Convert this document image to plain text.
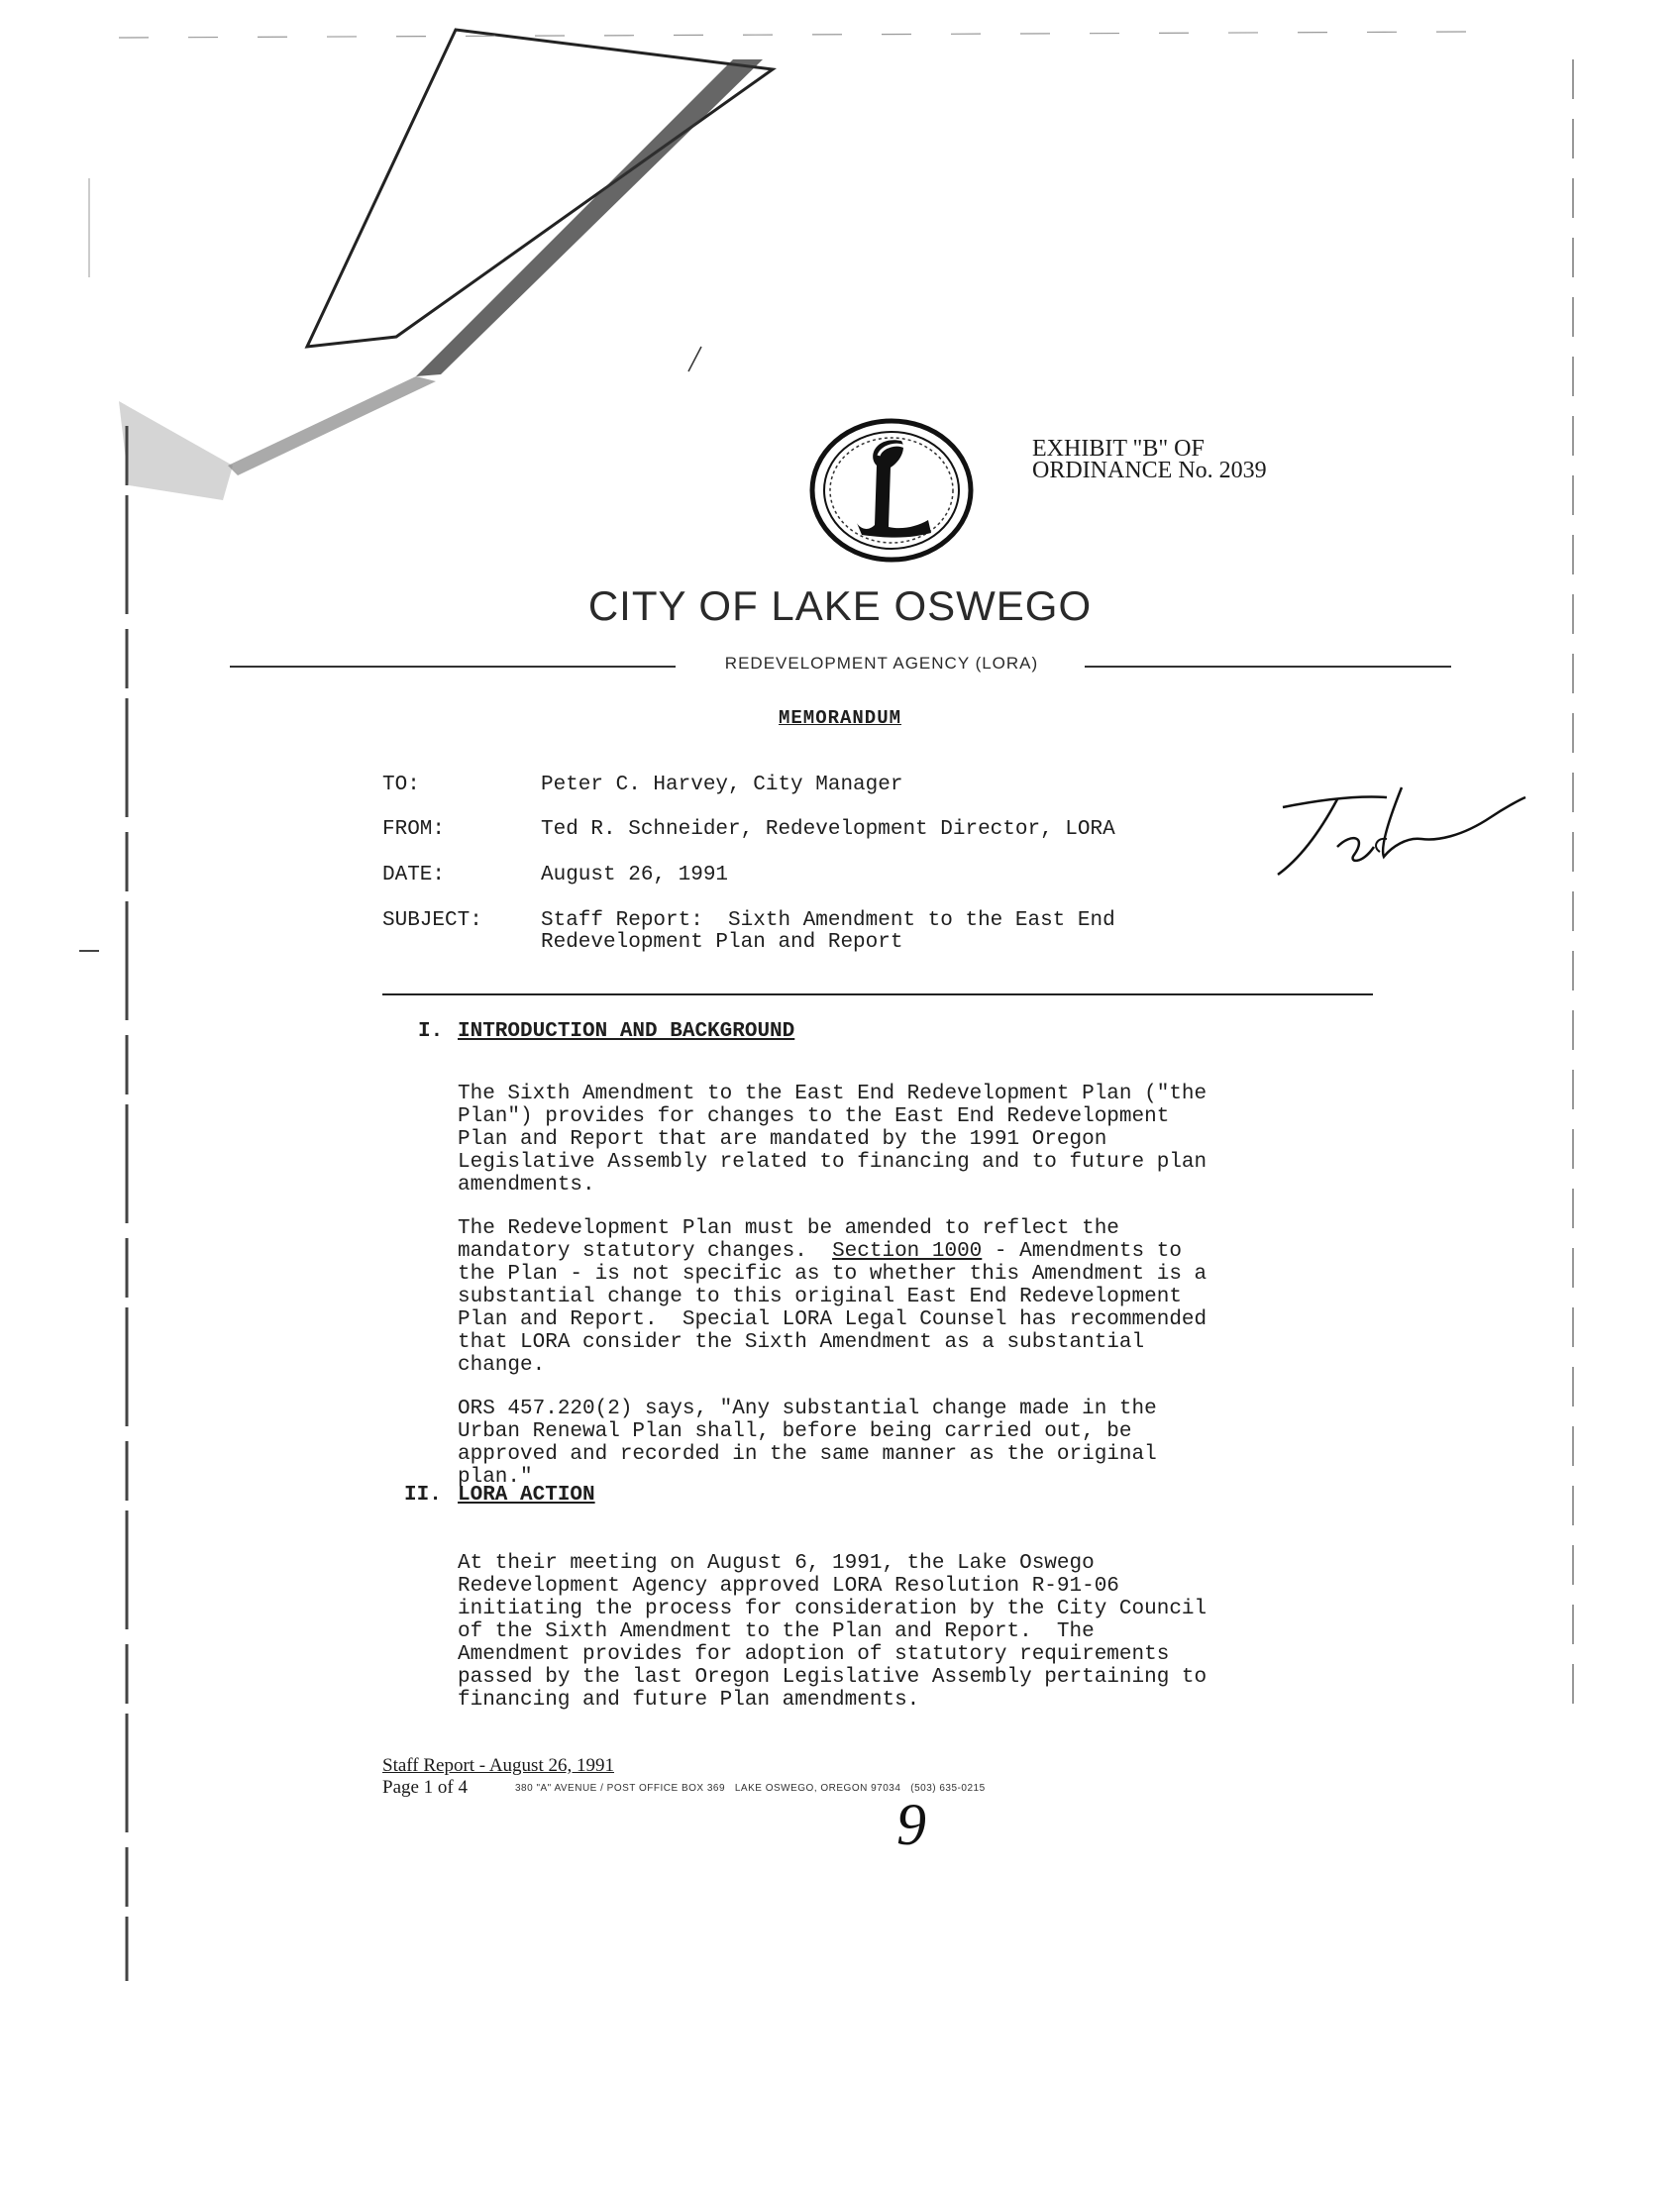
EXHIBIT "B" OF
ORDINANCE No. 2039
CITY OF LAKE OSWEGO
REDEVELOPMENT AGENCY (LORA)
MEMORANDUM
TO:	Peter C. Harvey, City Manager
FROM:	Ted R. Schneider, Redevelopment Director, LORA
DATE:	August 26, 1991
SUBJECT:	Staff Report:  Sixth Amendment to the East End
Redevelopment Plan and Report
I. INTRODUCTION AND BACKGROUND

The Sixth Amendment to the East End Redevelopment Plan ("the
Plan") provides for changes to the East End Redevelopment
Plan and Report that are mandated by the 1991 Oregon
Legislative Assembly related to financing and to future plan
amendments.

The Redevelopment Plan must be amended to reflect the
mandatory statutory changes.  Section 1000 - Amendments to
the Plan - is not specific as to whether this Amendment is a
substantial change to this original East End Redevelopment
Plan and Report.  Special LORA Legal Counsel has recommended
that LORA consider the Sixth Amendment as a substantial
change.

ORS 457.220(2) says, "Any substantial change made in the
Urban Renewal Plan shall, before being carried out, be
approved and recorded in the same manner as the original
plan."
II. LORA ACTION

At their meeting on August 6, 1991, the Lake Oswego
Redevelopment Agency approved LORA Resolution R-91-06
initiating the process for consideration by the City Council
of the Sixth Amendment to the Plan and Report.  The
Amendment provides for adoption of statutory requirements
passed by the last Oregon Legislative Assembly pertaining to
financing and future Plan amendments.
Staff Report - August 26, 1991
Page 1 of 4	380 "A" AVENUE / POST OFFICE BOX 369   LAKE OSWEGO, OREGON 97034   (503) 635-0215
9
